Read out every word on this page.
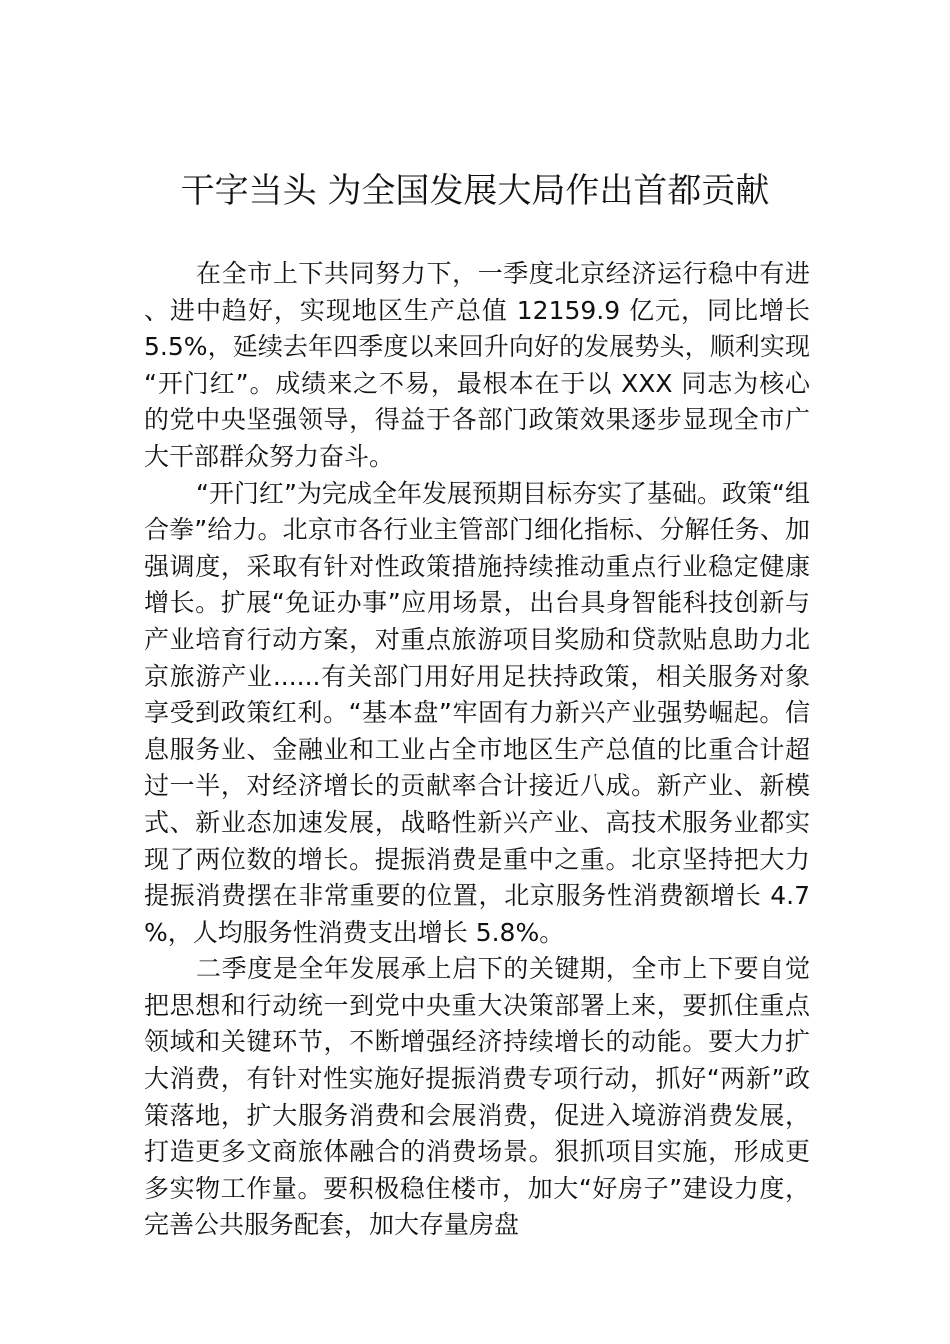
干字当头 为全国发展大局作出首都贡献

在全市上下共同努力下，一季度北京经济运行稳中有进、进中趋好，实现地区生产总值 12159.9 亿元，同比增长 5.5%，延续去年四季度以来回升向好的发展势头，顺利实现“开门红”。成绩来之不易，最根本在于以 XXX 同志为核心的党中央坚强领导，得益于各部门政策效果逐步显现全市广大干部群众努力奋斗。

“开门红”为完成全年发展预期目标夯实了基础。政策“组合拳”给力。北京市各行业主管部门细化指标、分解任务、加强调度，采取有针对性政策措施持续推动重点行业稳定健康增长。扩展“免证办事”应用场景，出台具身智能科技创新与产业培育行动方案，对重点旅游项目奖励和贷款贴息助力北京旅游产业......有关部门用好用足扶持政策，相关服务对象享受到政策红利。“基本盘”牢固有力新兴产业强势崛起。信息服务业、金融业和工业占全市地区生产总值的比重合计超过一半，对经济增长的贡献率合计接近八成。新产业、新模式、新业态加速发展，战略性新兴产业、高技术服务业都实现了两位数的增长。提振消费是重中之重。北京坚持把大力提振消费摆在非常重要的位置，北京服务性消费额增长 4.7%，人均服务性消费支出增长 5.8%。

二季度是全年发展承上启下的关键期，全市上下要自觉把思想和行动统一到党中央重大决策部署上来，要抓住重点领域和关键环节，不断增强经济持续增长的动能。要大力扩大消费，有针对性实施好提振消费专项行动，抓好“两新”政策落地，扩大服务消费和会展消费，促进入境游消费发展，打造更多文商旅体融合的消费场景。狠抓项目实施，形成更多实物工作量。要积极稳住楼市，加大“好房子”建设力度，完善公共服务配套，加大存量房盘
